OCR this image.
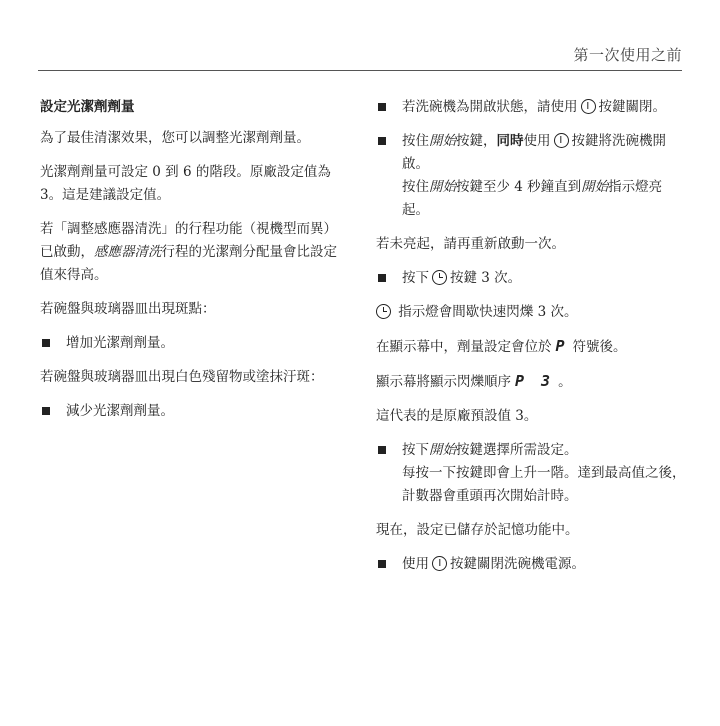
第一次使用之前
設定光潔劑劑量

為了最佳清潔效果，您可以調整光潔劑劑量。

光潔劑劑量可設定 0 到 6 的階段。原廠設定值為 3。這是建議設定值。

若「調整感應器清洗」的行程功能（視機型而異）已啟動，感應器清洗行程的光潔劑分配量會比設定值來得高。

若碗盤與玻璃器皿出現斑點：

增加光潔劑劑量。

若碗盤與玻璃器皿出現白色殘留物或塗抹汙斑：

減少光潔劑劑量。
若洗碗機為開啟狀態，請使用 按鍵關閉。
按住開始按鍵，同時使用 按鍵將洗碗機開啟。
按住開始按鍵至少 4 秒鐘直到開始指示燈亮起。

若未亮起，請再重新啟動一次。

按下 按鍵 3 次。

指示燈會間歇快速閃爍 3 次。

在顯示幕中，劑量設定會位於 P 符號後。

顯示幕將顯示閃爍順序 P 3 。

這代表的是原廠預設值 3。

按下開始按鍵選擇所需設定。
每按一下按鍵即會上升一階。達到最高值之後，計數器會重頭再次開始計時。

現在，設定已儲存於記憶功能中。

使用 按鍵關閉洗碗機電源。
